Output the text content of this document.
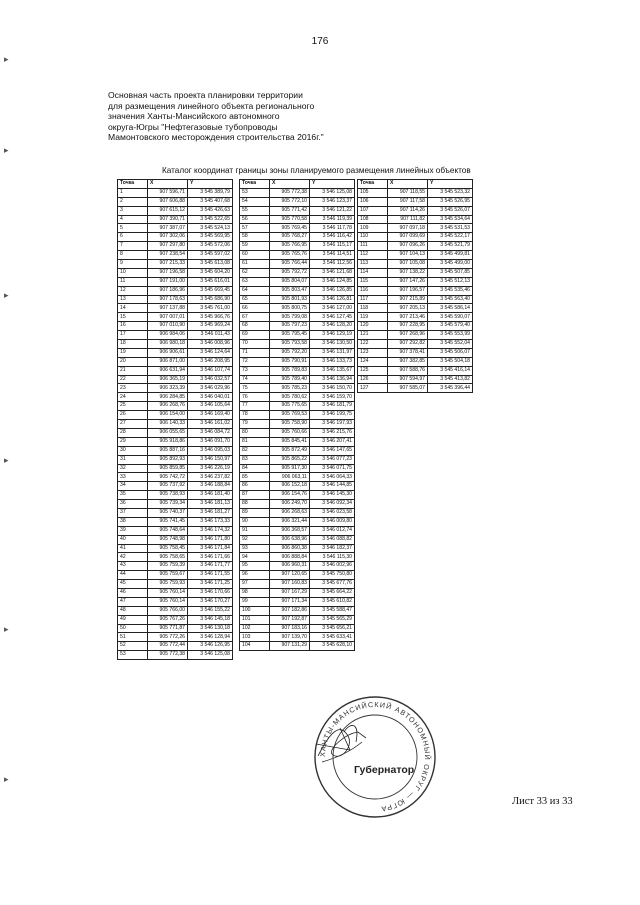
176
Основная часть проекта планировки территории
для размещения линейного объекта регионального
значения Ханты-Мансийского автономного
округа-Югры "Нефтегазовые тубопроводы
Мамонтовского месторождения строительства 2016г."
Каталог координат границы зоны планируемого размещения линейных объектов
Точка	X	Y
1	907 596,71	3 545 389,79
2	907 606,88	3 545 407,68
3	907 615,12	3 545 426,63
4	907 390,71	3 545 522,65
5	907 387,07	3 545 524,13
6	907 302,06	3 545 569,95
7	907 297,80	3 545 572,06
8	907 238,54	3 545 597,02
9	907 215,33	3 545 613,08
10	907 196,58	3 545 604,20
11	907 191,00	3 545 616,01
12	907 186,96	3 545 669,45
13	907 178,63	3 545 686,90
14	907 137,88	3 545 761,00
15	907 007,01	3 545 966,76
16	907 010,90	3 545 969,24
17	906 984,06	3 546 011,43
18	906 980,18	3 546 008,96
19	906 906,61	3 546 124,64
20	906 871,00	3 546 208,95
21	906 631,94	3 546 107,74
22	906 365,19	3 546 032,57
23	906 323,39	3 546 029,96
24	906 284,85	3 546 040,01
25	906 268,76	3 546 105,64
26	906 154,00	3 546 169,40
27	906 140,33	3 546 161,02
28	906 055,65	3 546 084,72
29	905 918,86	3 546 091,70
30	905 887,16	3 546 095,03
31	905 892,93	3 546 150,97
32	905 859,85	3 546 226,19
33	905 742,72	3 546 237,82
34	905 737,92	3 546 188,84
35	905 738,93	3 546 181,40
36	905 739,34	3 546 181,13
37	905 740,37	3 546 181,27
38	905 741,45	3 546 173,33
39	905 748,64	3 546 174,32
40	905 748,98	3 546 171,80
41	905 758,45	3 546 171,84
42	905 758,65	3 546 171,66
43	905 759,39	3 546 171,77
44	905 759,67	3 546 171,55
45	905 759,93	3 546 171,25
46	905 760,14	3 546 170,66
47	905 760,14	3 546 170,27
48	905 766,00	3 546 155,22
49	905 767,26	3 546 145,18
50	905 771,87	3 546 130,18
51	905 772,26	3 546 128,94
52	905 772,44	3 546 126,95
53	905 772,38	3 546 125,08
Точка	X	Y
53	905 772,38	3 546 125,08
54	905 772,10	3 546 123,37
55	905 771,42	3 546 121,22
56	905 770,58	3 546 119,39
57	905 769,45	3 546 117,78
58	905 768,27	3 546 116,42
59	905 766,95	3 546 115,17
60	905 765,76	3 546 114,51
61	905 766,44	3 546 112,56
62	905 792,72	3 546 121,68
63	905 804,07	3 546 124,85
64	905 803,47	3 546 126,85
65	905 801,93	3 546 126,81
66	905 800,75	3 546 127,00
67	905 799,08	3 546 127,45
68	905 797,23	3 546 128,20
69	905 795,45	3 546 129,19
70	905 793,58	3 546 130,50
71	905 792,20	3 546 131,97
72	905 790,91	3 546 133,73
73	905 789,83	3 546 135,67
74	905 789,40	3 546 136,94
75	905 785,23	3 546 150,70
76	905 780,62	3 546 159,70
77	905 775,65	3 546 181,79
78	905 769,53	3 546 199,75
79	905 758,90	3 546 197,93
80	905 760,66	3 546 215,76
81	905 845,41	3 546 207,41
82	905 872,49	3 546 147,65
83	905 865,22	3 546 077,23
84	905 917,30	3 546 071,75
85	906 063,11	3 546 064,33
86	906 152,18	3 546 144,85
87	906 154,76	3 546 145,30
88	906 249,70	3 546 092,34
89	906 268,63	3 546 023,58
90	906 321,44	3 546 009,80
91	906 368,57	3 546 012,74
92	906 638,96	3 546 088,82
93	906 860,38	3 546 182,37
94	906 888,84	3 546 115,30
95	906 960,31	3 546 002,96
96	907 120,65	3 545 750,80
97	907 160,83	3 545 677,76
98	907 167,29	3 545 664,22
99	907 171,34	3 545 610,82
100	907 182,86	3 545 588,47
101	907 192,87	3 545 565,29
102	907 183,16	3 545 656,21
103	907 139,70	3 545 633,41
104	907 131,29	3 545 628,10
Точка	X	Y
105	907 118,55	3 545 523,32
106	907 117,58	3 545 526,95
107	907 114,26	3 545 526,07
108	907 111,82	3 545 534,64
109	907 097,18	3 545 531,53
110	907 099,69	3 545 522,17
111	907 096,26	3 545 521,79
112	907 104,13	3 545 499,81
113	907 105,08	3 545 499,00
114	907 138,22	3 545 507,85
115	907 147,26	3 545 512,13
116	907 196,57	3 545 535,46
117	907 215,89	3 545 563,40
118	907 205,13	3 545 586,14
119	907 213,46	3 545 590,07
120	907 228,95	3 545 579,40
121	907 268,96	3 545 553,99
122	907 292,82	3 545 552,04
123	907 378,41	3 545 506,07
124	907 382,85	3 545 504,18
125	907 588,76	3 545 416,14
126	907 594,97	3 545 413,82
127	907 585,07	3 545 396,44
ХАНТЫ-МАНСИЙСКИЙ АВТОНОМНЫЙ ОКРУГ — ЮГРА
Губернатор
Лист 33 из 33
▸
▸
▸
▸
▸
▸
